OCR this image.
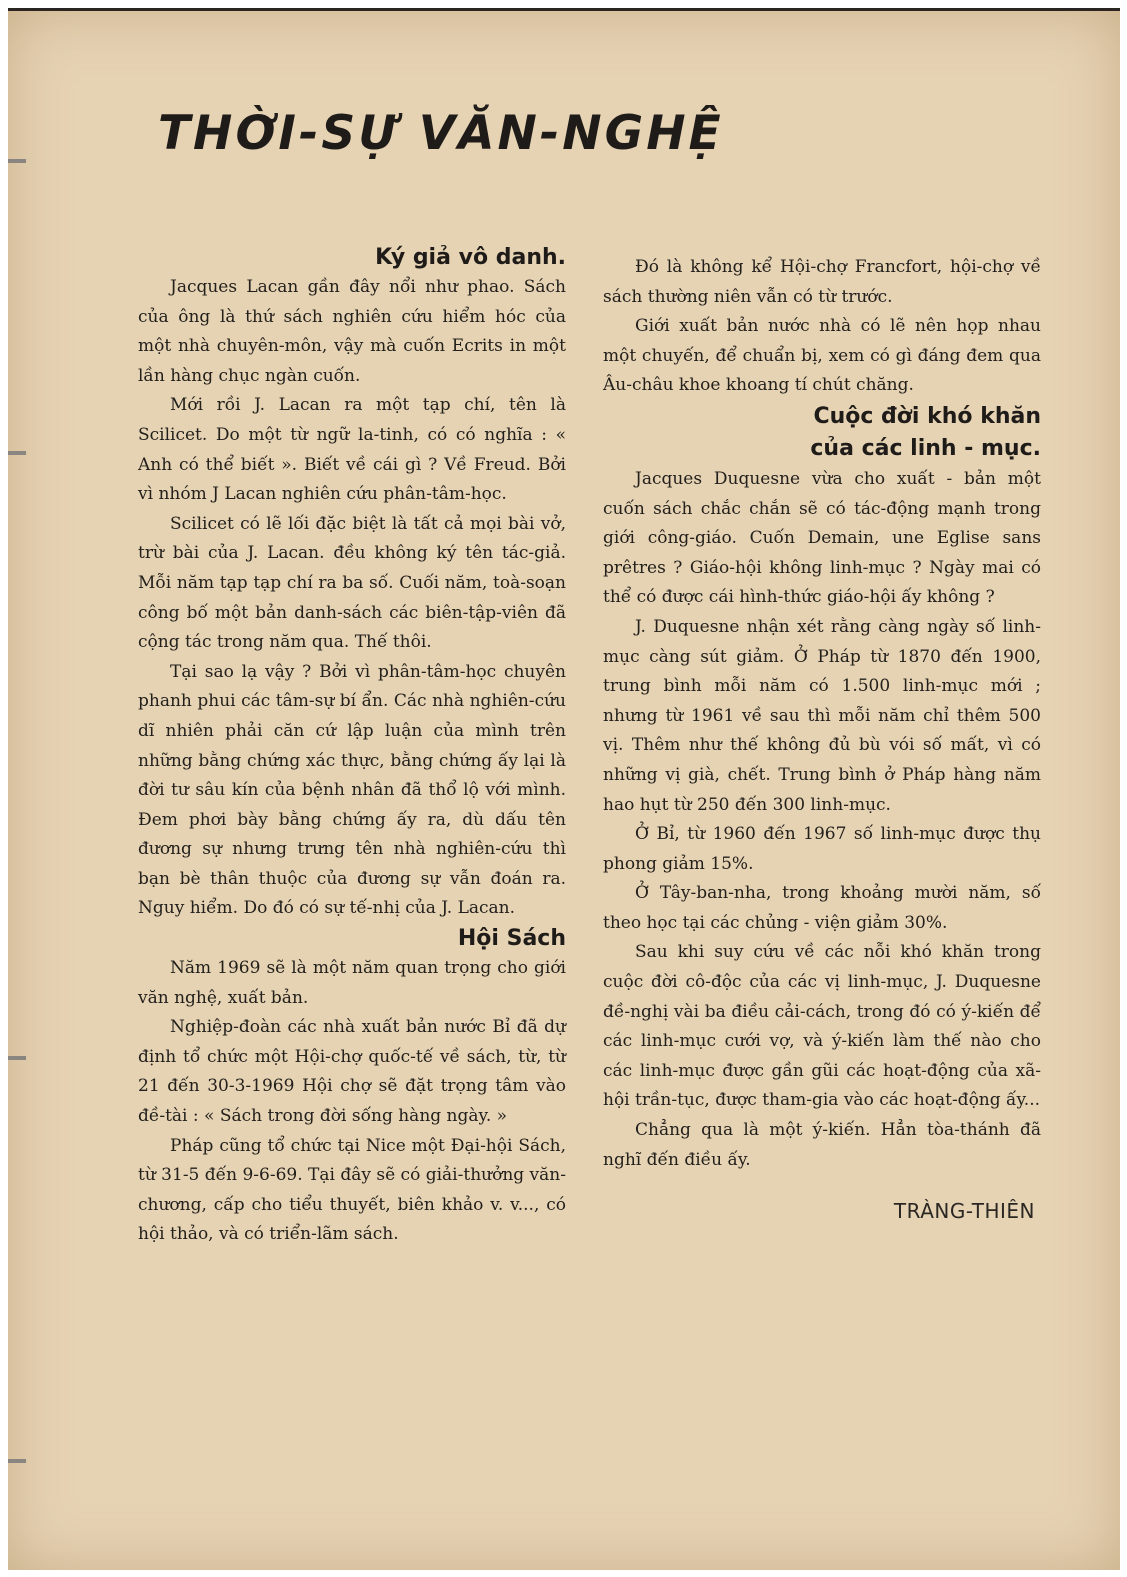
THỜI-SỰ VĂN-NGHỆ
Ký giả vô danh.

Jacques Lacan gần đây nổi như phao. Sách của ông là thứ sách nghiên cứu hiểm hóc của một nhà chuyên-môn, vậy mà cuốn Ecrits in một lần hàng chục ngàn cuốn.

Mới rồi J. Lacan ra một tạp chí, tên là Scilicet. Do một từ ngữ la-tinh, có có nghĩa : « Anh có thể biết ». Biết về cái gì ? Về Freud. Bởi vì nhóm J Lacan nghiên cứu phân-tâm-học.

Scilicet có lẽ lối đặc biệt là tất cả mọi bài vở, trừ bài của J. Lacan. đều không ký tên tác-giả. Mỗi năm tạp tạp chí ra ba số. Cuối năm, toà-soạn công bố một bản danh-sách các biên-tập-viên đã cộng tác trong năm qua. Thế thôi.

Tại sao lạ vậy ? Bởi vì phân-tâm-học chuyên phanh phui các tâm-sự bí ẩn. Các nhà nghiên-cứu dĩ nhiên phải căn cứ lập luận của mình trên những bằng chứng xác thực, bằng chứng ấy lại là đời tư sâu kín của bệnh nhân đã thổ lộ với mình. Đem phơi bày bằng chứng ấy ra, dù dấu tên đương sự nhưng trưng tên nhà nghiên-cứu thì bạn bè thân thuộc của đương sự vẫn đoán ra. Nguy hiểm. Do đó có sự tế-nhị của J. Lacan.

Hội Sách

Năm 1969 sẽ là một năm quan trọng cho giới văn nghệ, xuất bản.

Nghiệp-đoàn các nhà xuất bản nước Bỉ đã dự định tổ chức một Hội-chợ quốc-tế về sách, từ, từ 21 đến 30-3-1969 Hội chợ sẽ đặt trọng tâm vào đề-tài : « Sách trong đời sống hàng ngày. »

Pháp cũng tổ chức tại Nice một Đại-hội Sách, từ 31-5 đến 9-6-69. Tại đây sẽ có giải-thưởng văn-chương, cấp cho tiểu thuyết, biên khảo v. v..., có hội thảo, và có triển-lãm sách.

Đó là không kể Hội-chợ Francfort, hội-chợ về sách thường niên vẫn có từ trước.

Giới xuất bản nước nhà có lẽ nên họp nhau một chuyến, để chuẩn bị, xem có gì đáng đem qua Âu-châu khoe khoang tí chút chăng.

Cuộc đời khó khăn
của các linh - mục.

Jacques Duquesne vừa cho xuất - bản một cuốn sách chắc chắn sẽ có tác-động mạnh trong giới công-giáo. Cuốn Demain, une Eglise sans prêtres ? Giáo-hội không linh-mục ? Ngày mai có thể có được cái hình-thức giáo-hội ấy không ?

J. Duquesne nhận xét rằng càng ngày số linh-mục càng sút giảm. Ở Pháp từ 1870 đến 1900, trung bình mỗi năm có 1.500 linh-mục mới ; nhưng từ 1961 về sau thì mỗi năm chỉ thêm 500 vị. Thêm như thế không đủ bù vói số mất, vì có những vị già, chết. Trung bình ở Pháp hàng năm hao hụt từ 250 đến 300 linh-mục.

Ở Bỉ, từ 1960 đến 1967 số linh-mục được thụ phong giảm 15%.

Ở Tây-ban-nha, trong khoảng mười năm, số theo học tại các chủng - viện giảm 30%.

Sau khi suy cứu về các nỗi khó khăn trong cuộc đời cô-độc của các vị linh-mục, J. Duquesne đề-nghị vài ba điều cải-cách, trong đó có ý-kiến để các linh-mục cưới vợ, và ý-kiến làm thế nào cho các linh-mục được gần gũi các hoạt-động của xã-hội trần-tục, được tham-gia vào các hoạt-động ấy...

Chẳng qua là một ý-kiến. Hẳn tòa-thánh đã nghĩ đến điều ấy.

TRÀNG-THIÊN
